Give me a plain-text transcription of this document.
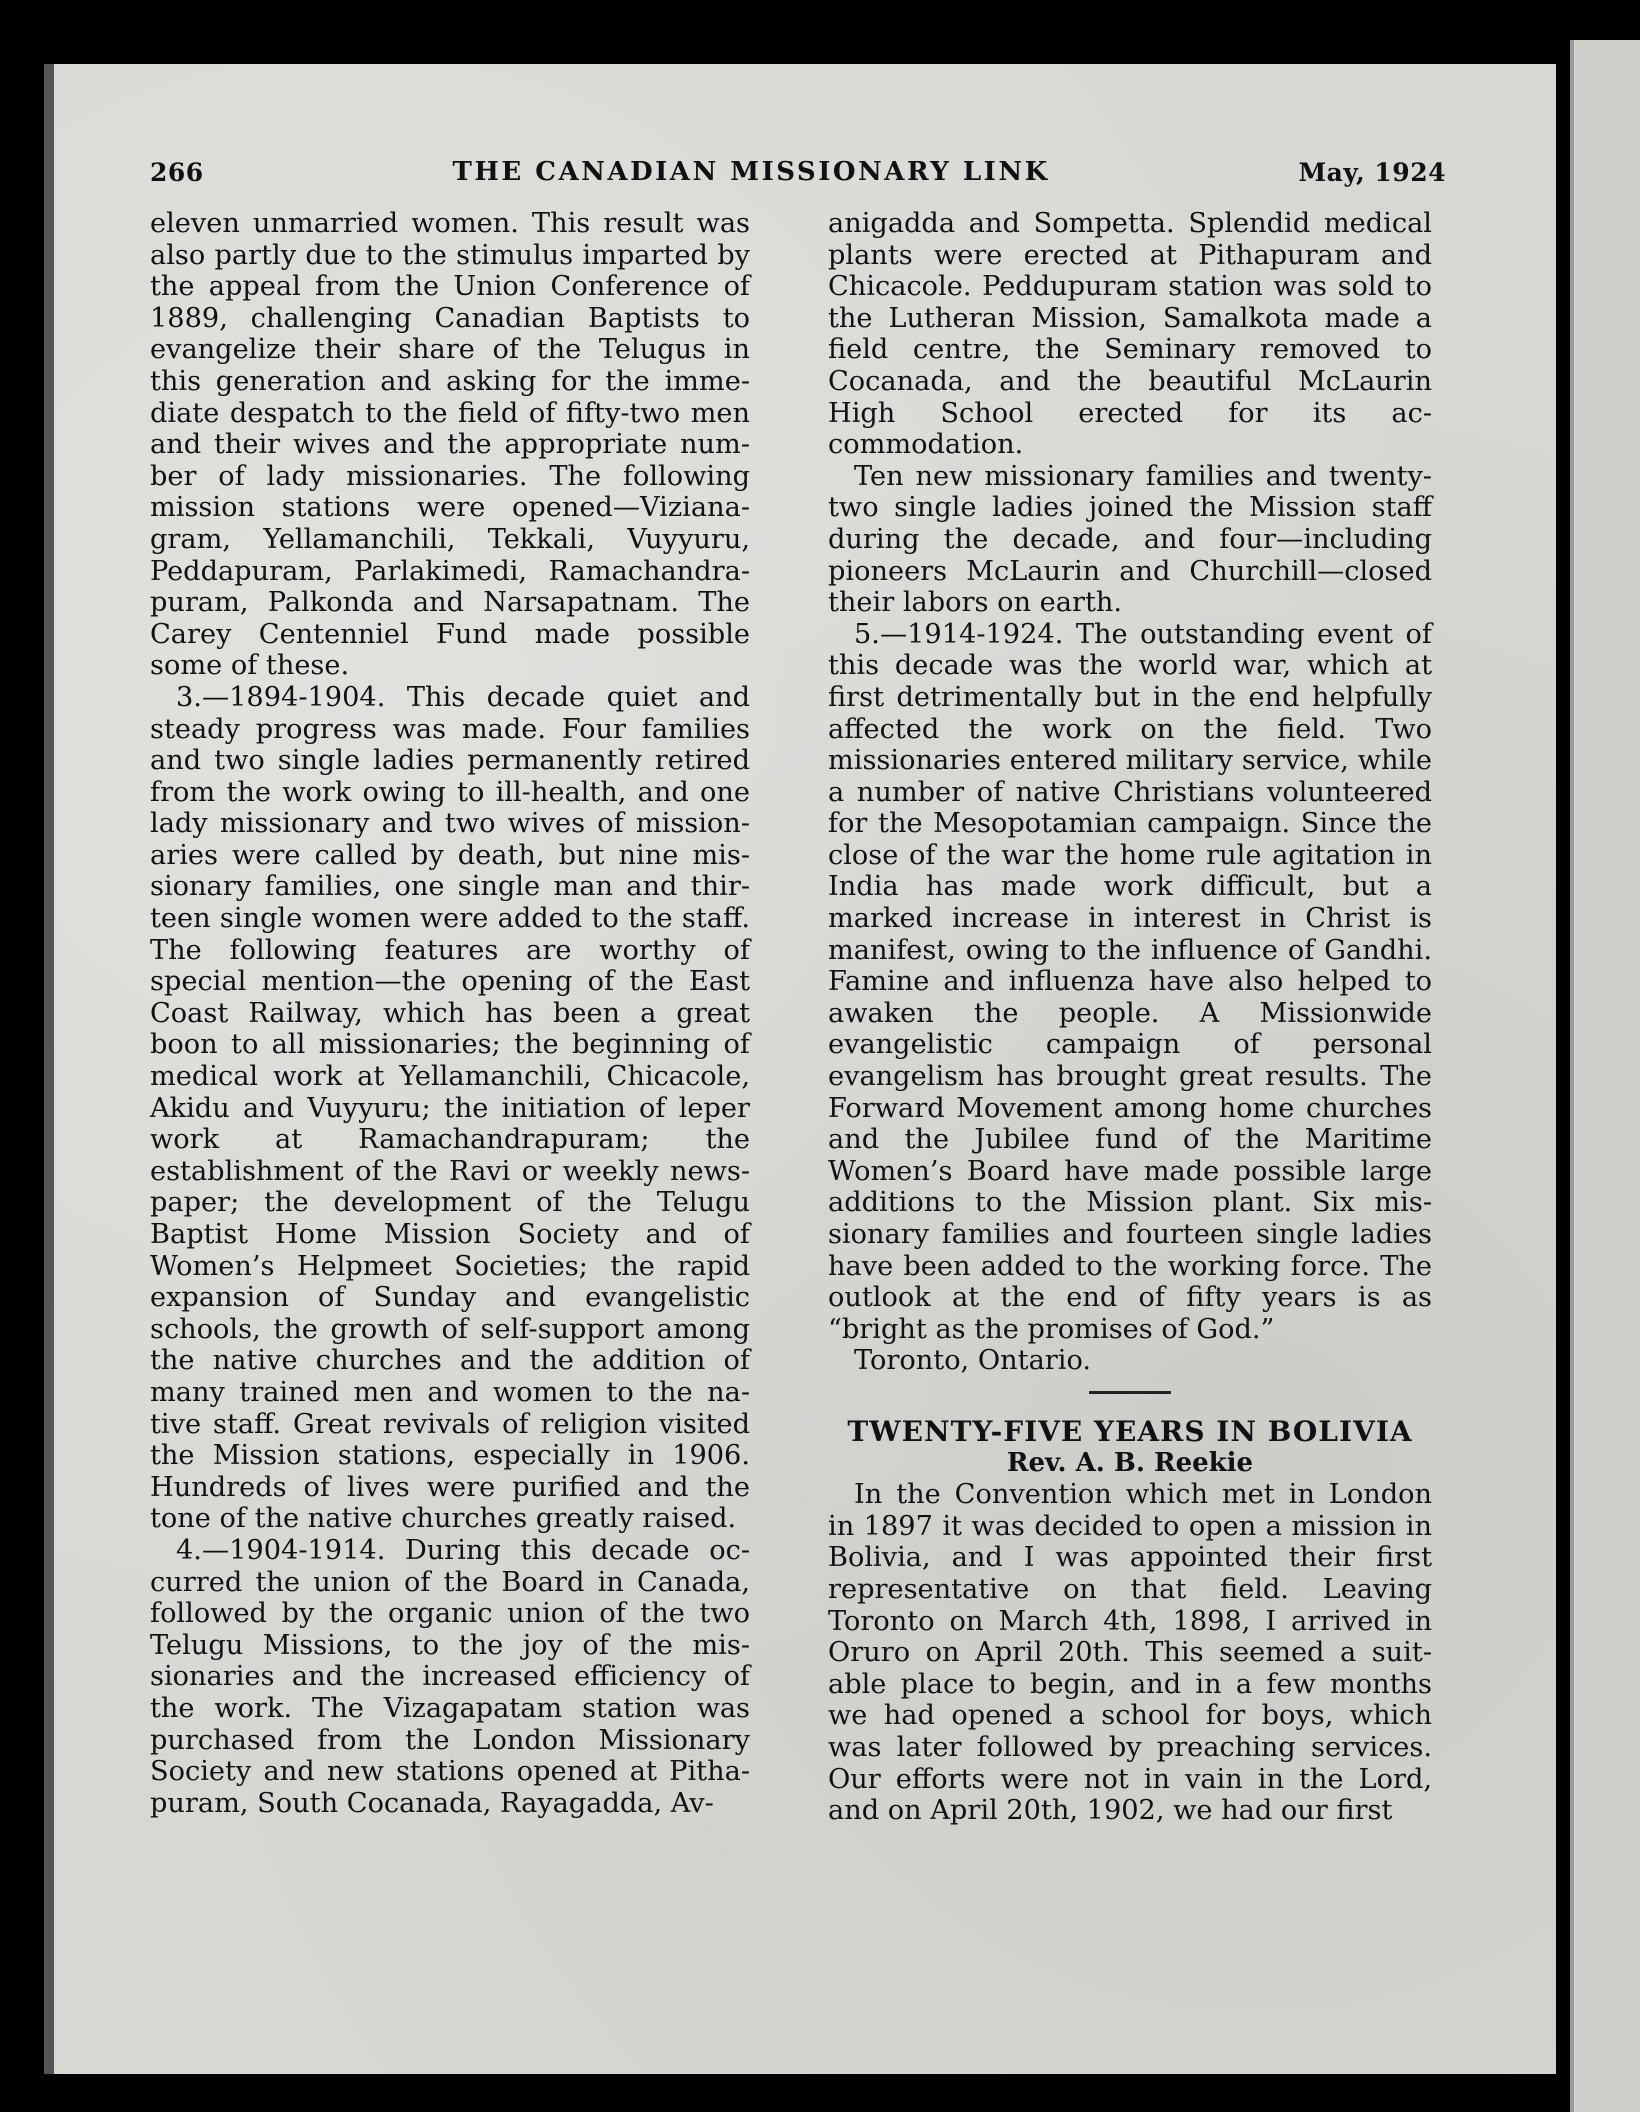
266	THE CANADIAN MISSIONARY LINK	May, 1924

eleven unmarried women. This result was also partly due to the stimulus imparted by the appeal from the Union Conference of 1889, challenging Canadian Baptists to evangelize their share of the Telugus in this generation and asking for the immediate despatch to the field of fifty-two men and their wives and the appropriate number of lady missionaries. The following mission stations were opened—Vizianagram, Yellamanchili, Tekkali, Vuyyuru, Peddapuram, Parlakimedi, Ramachandrapuram, Palkonda and Narsapatnam. The Carey Centenniel Fund made possible some of these.

3.—1894-1904. This decade quiet and steady progress was made. Four families and two single ladies permanently retired from the work owing to ill-health, and one lady missionary and two wives of missionaries were called by death, but nine missionary families, one single man and thirteen single women were added to the staff. The following features are worthy of special mention—the opening of the East Coast Railway, which has been a great boon to all missionaries; the beginning of medical work at Yellamanchili, Chicacole, Akidu and Vuyyuru; the initiation of leper work at Ramachandrapuram; the establishment of the Ravi or weekly newspaper; the development of the Telugu Baptist Home Mission Society and of Women’s Helpmeet Societies; the rapid expansion of Sunday and evangelistic schools, the growth of self-support among the native churches and the addition of many trained men and women to the native staff. Great revivals of religion visited the Mission stations, especially in 1906. Hundreds of lives were purified and the tone of the native churches greatly raised.

4.—1904-1914. During this decade occurred the union of the Board in Canada, followed by the organic union of the two Telugu Missions, to the joy of the missionaries and the increased efficiency of the work. The Vizagapatam station was purchased from the London Missionary Society and new stations opened at Pithapuram, South Cocanada, Rayagadda, Av-

anigadda and Sompetta. Splendid medical plants were erected at Pithapuram and Chicacole. Peddupuram station was sold to the Lutheran Mission, Samalkota made a field centre, the Seminary removed to Cocanada, and the beautiful McLaurin High School erected for its accommodation.

Ten new missionary families and twenty-two single ladies joined the Mission staff during the decade, and four—including pioneers McLaurin and Churchill—closed their labors on earth.

5.—1914-1924. The outstanding event of this decade was the world war, which at first detrimentally but in the end helpfully affected the work on the field. Two missionaries entered military service, while a number of native Christians volunteered for the Mesopotamian campaign. Since the close of the war the home rule agitation in India has made work difficult, but a marked increase in interest in Christ is manifest, owing to the influence of Gandhi. Famine and influenza have also helped to awaken the people. A Missionwide evangelistic campaign of personal evangelism has brought great results. The Forward Movement among home churches and the Jubilee fund of the Maritime Women’s Board have made possible large additions to the Mission plant. Six missionary families and fourteen single ladies have been added to the working force. The outlook at the end of fifty years is as “bright as the promises of God.”

Toronto, Ontario.

TWENTY-FIVE YEARS IN BOLIVIA

Rev. A. B. Reekie

In the Convention which met in London in 1897 it was decided to open a mission in Bolivia, and I was appointed their first representative on that field. Leaving Toronto on March 4th, 1898, I arrived in Oruro on April 20th. This seemed a suitable place to begin, and in a few months we had opened a school for boys, which was later followed by preaching services. Our efforts were not in vain in the Lord, and on April 20th, 1902, we had our first
